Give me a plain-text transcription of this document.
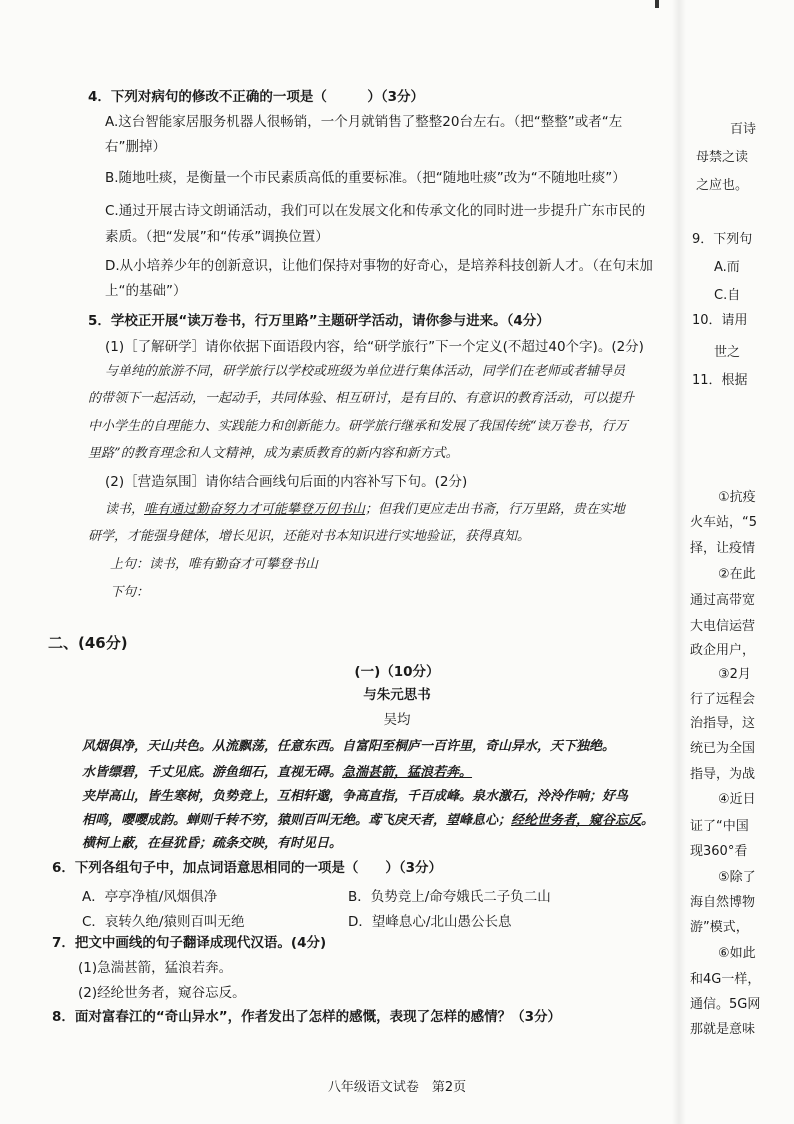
4．下列对病句的修改不正确的一项是（　　　）（3分）
A.这台智能家居服务机器人很畅销，一个月就销售了整整20台左右。（把“整整”或者“左
右”删掉）
B.随地吐痰，是衡量一个市民素质高低的重要标准。（把“随地吐痰”改为“不随地吐痰”）
C.通过开展古诗文朗诵活动，我们可以在发展文化和传承文化的同时进一步提升广东市民的
素质。（把“发展”和“传承”调换位置）
D.从小培养少年的创新意识，让他们保持对事物的好奇心，是培养科技创新人才。（在句末加
上“的基础”）
5．学校正开展“读万卷书，行万里路”主题研学活动，请你参与进来。（4分）
(1)［了解研学］请你依据下面语段内容，给“研学旅行”下一个定义(不超过40个字)。(2分)
与单纯的旅游不同，研学旅行以学校或班级为单位进行集体活动，同学们在老师或者辅导员
的带领下一起活动，一起动手，共同体验、相互研讨，是有目的、有意识的教育活动，可以提升
中小学生的自理能力、实践能力和创新能力。研学旅行继承和发展了我国传统“读万卷书，行万
里路”的教育理念和人文精神，成为素质教育的新内容和新方式。
(2)［营造氛围］请你结合画线句后面的内容补写下句。(2分)
读书，唯有通过勤奋努力才可能攀登万仞书山；但我们更应走出书斋，行万里路，贵在实地
研学，才能强身健体，增长见识，还能对书本知识进行实地验证，获得真知。
上句：读书，唯有勤奋才可攀登书山
下句：
二、(46分)
(一)（10分）
与朱元思书
吴均
风烟俱净，天山共色。从流飘荡，任意东西。自富阳至桐庐一百许里，奇山异水，天下独绝。
水皆缥碧，千丈见底。游鱼细石，直视无碍。急湍甚箭，猛浪若奔。
夹岸高山，皆生寒树，负势竞上，互相轩邈，争高直指，千百成峰。泉水激石，泠泠作响；好鸟
相鸣，嘤嘤成韵。蝉则千转不穷，猿则百叫无绝。鸢飞戾天者，望峰息心；经纶世务者，窥谷忘反。
横柯上蔽，在昼犹昏；疏条交映，有时见日。
6．下列各组句子中，加点词语意思相同的一项是（　　）（3分）
A．亭亭净植/风烟俱净	B．负势竞上/命夸娥氏二子负二山
C．哀转久绝/猿则百叫无绝	D．望峰息心/北山愚公长息
7．把文中画线的句子翻译成现代汉语。(4分)
(1)急湍甚箭，猛浪若奔。
(2)经纶世务者，窥谷忘反。
8．面对富春江的“奇山异水”，作者发出了怎样的感慨，表现了怎样的感情？（3分）
八年级语文试卷　第2页
百诗
母禁之读
之应也。
9．下列句
A.而
C.自
10．请用
世之
11．根据
①抗疫
火车站，“5
择，让疫情
②在此
通过高带宽
大电信运营
政企用户，
③2月
行了远程会
治指导，这
统已为全国
指导，为战
④近日
证了“中国
现360°看
⑤除了
海自然博物
游”模式，
⑥如此
和4G一样，
通信。5G网
那就是意味
